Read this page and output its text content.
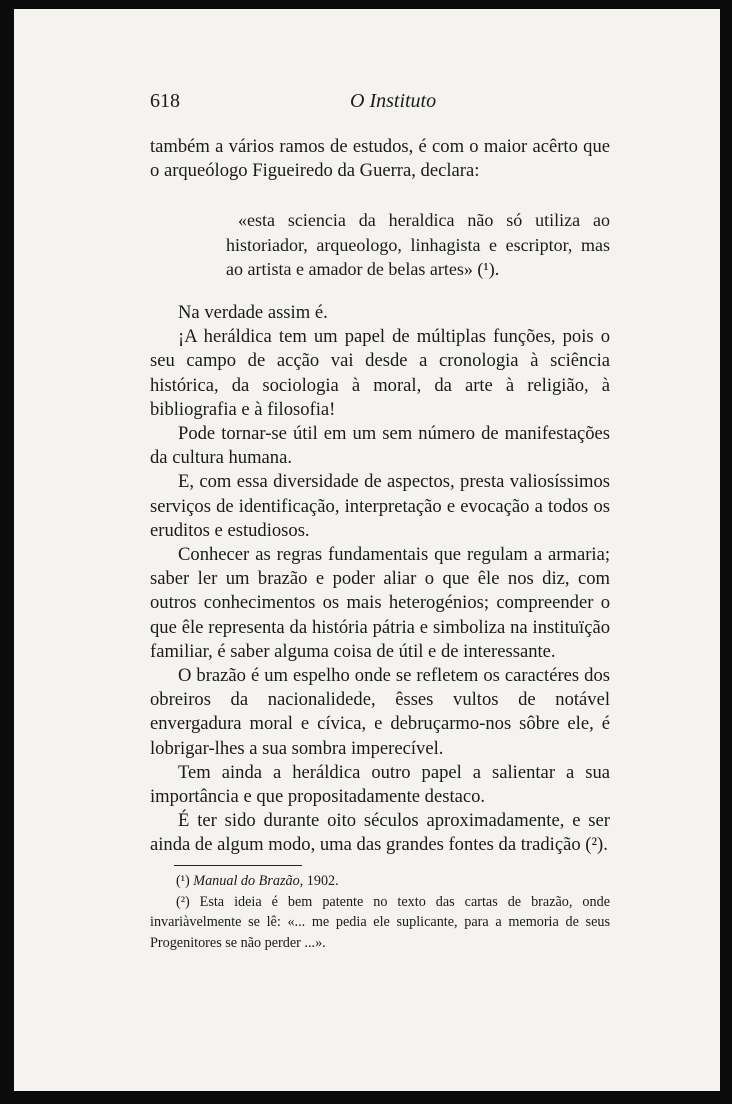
618	O Instituto

também a vários ramos de estudos, é com o maior acêrto que o arqueólogo Figueiredo da Guerra, declara:

«esta sciencia da heraldica não só utiliza ao historiador, arqueologo, linhagista e escriptor, mas ao artista e amador de belas artes» (¹).

Na verdade assim é.

¡A heráldica tem um papel de múltiplas funções, pois o seu campo de acção vai desde a cronologia à sciência histórica, da sociologia à moral, da arte à religião, à bibliografia e à filosofia!

Pode tornar-se útil em um sem número de manifestações da cultura humana.

E, com essa diversidade de aspectos, presta valiosíssimos serviços de identificação, interpretação e evocação a todos os eruditos e estudiosos.

Conhecer as regras fundamentais que regulam a armaria; saber ler um brazão e poder aliar o que êle nos diz, com outros conhecimentos os mais heterogénios; compreender o que êle representa da história pátria e simboliza na instituïção familiar, é saber alguma coisa de útil e de interessante.

O brazão é um espelho onde se refletem os caractéres dos obreiros da nacionalidede, êsses vultos de notável envergadura moral e cívica, e debruçarmo-nos sôbre ele, é lobrigar-lhes a sua sombra imperecível.

Tem ainda a heráldica outro papel a salientar a sua importância e que propositadamente destaco.

É ter sido durante oito séculos aproximadamente, e ser ainda de algum modo, uma das grandes fontes da tradição (²).

(¹) Manual do Brazão, 1902.

(²) Esta ideia é bem patente no texto das cartas de brazão, onde invariàvelmente se lê: «... me pedia ele suplicante, para a memoria de seus Progenitores se não perder ...».
